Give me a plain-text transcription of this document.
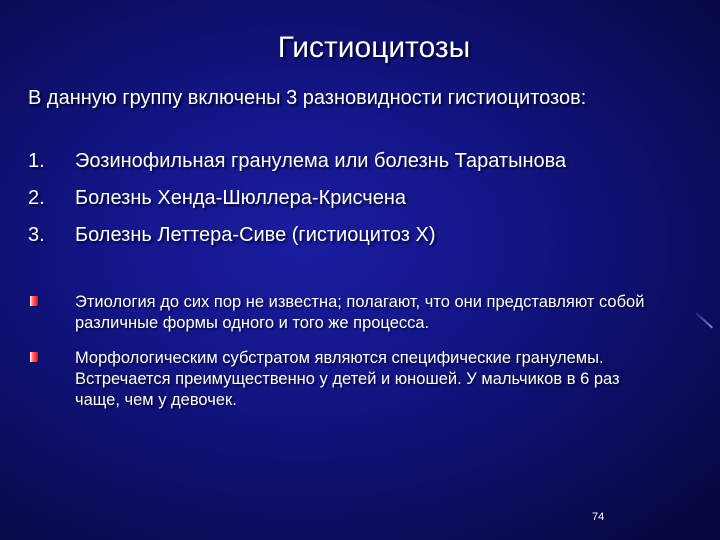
Гистиоцитозы

В данную группу включены 3 разновидности гистиоцитозов:

1.	Эозинофильная гранулема или болезнь Таратынова
2.	Болезнь Хенда-Шюллера-Крисчена
3.	Болезнь Леттера-Сиве (гистиоцитоз Х)
Этиология до сих пор не известна; полагают, что они представляют собой различные формы одного и того же процесса.
Морфологическим субстратом являются специфические гранулемы. Встречается преимущественно у детей и юношей. У мальчиков в 6 раз чаще, чем у девочек.
74
